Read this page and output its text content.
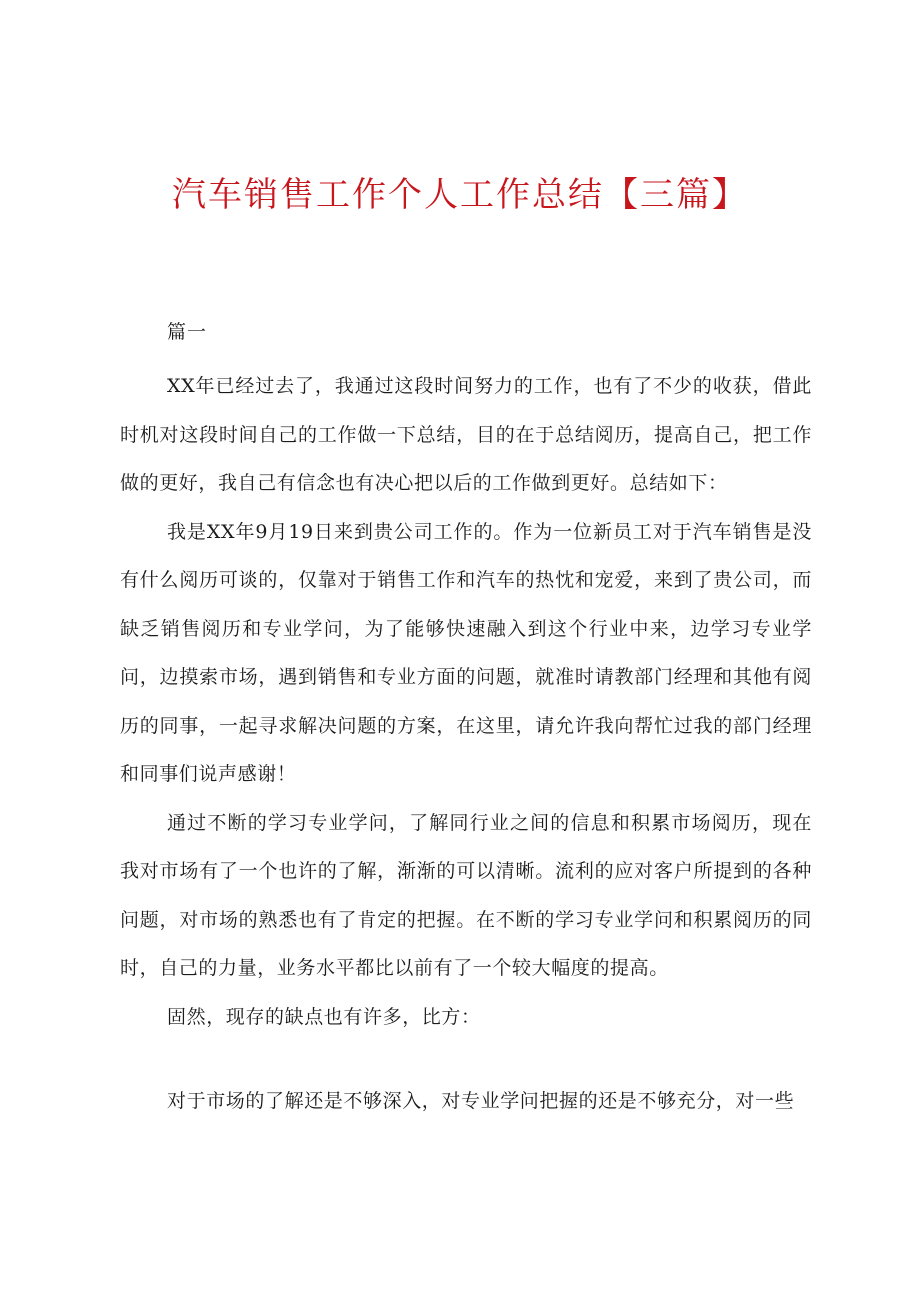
汽车销售工作个人工作总结【三篇】

篇一

XX年已经过去了，我通过这段时间努力的工作，也有了不少的收获，借此时机对这段时间自己的工作做一下总结，目的在于总结阅历，提高自己，把工作做的更好，我自己有信念也有决心把以后的工作做到更好。总结如下：

我是XX年9月19日来到贵公司工作的。作为一位新员工对于汽车销售是没有什么阅历可谈的，仅靠对于销售工作和汽车的热忱和宠爱，来到了贵公司，而缺乏销售阅历和专业学问，为了能够快速融入到这个行业中来，边学习专业学问，边摸索市场，遇到销售和专业方面的问题，就准时请教部门经理和其他有阅历的同事，一起寻求解决问题的方案，在这里，请允许我向帮忙过我的部门经理和同事们说声感谢！

通过不断的学习专业学问，了解同行业之间的信息和积累市场阅历，现在我对市场有了一个也许的了解，渐渐的可以清晰。流利的应对客户所提到的各种问题，对市场的熟悉也有了肯定的把握。在不断的学习专业学问和积累阅历的同时，自己的力量，业务水平都比以前有了一个较大幅度的提高。

固然，现存的缺点也有许多，比方：

对于市场的了解还是不够深入，对专业学问把握的还是不够充分，对一些
